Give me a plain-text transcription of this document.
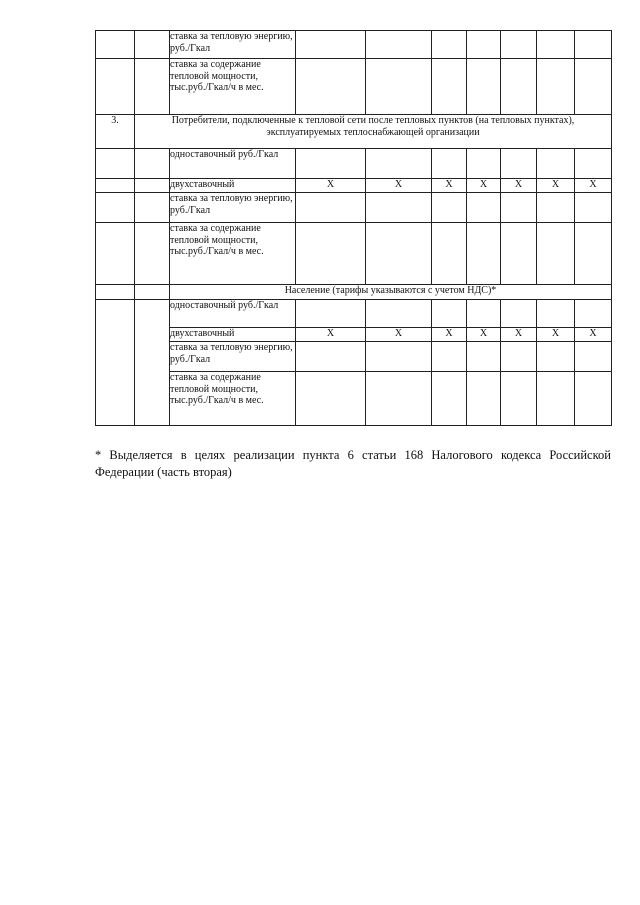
		ставка за тепловую энергию, руб./Гкал							
		ставка за содержание тепловой мощности, тыс.руб./Гкал/ч в мес.							
3.	Потребители, подключенные к тепловой сети после тепловых пунктов (на тепловых пунктах), эксплуатируемых теплоснабжающей организации								
		одноставочный руб./Гкал							
		двухставочный	X	X	X	X	X	X	X
		ставка за тепловую энергию, руб./Гкал							
		ставка за содержание тепловой мощности, тыс.руб./Гкал/ч в мес.							
		Население (тарифы указываются с учетом НДС)*							
		одноставочный руб./Гкал							
		двухставочный	X	X	X	X	X	X	X
		ставка за тепловую энергию, руб./Гкал							
		ставка за содержание тепловой мощности, тыс.руб./Гкал/ч в мес.							
* Выделяется в целях реализации пункта 6 статьи 168 Налогового кодекса Российской Федерации (часть вторая)
